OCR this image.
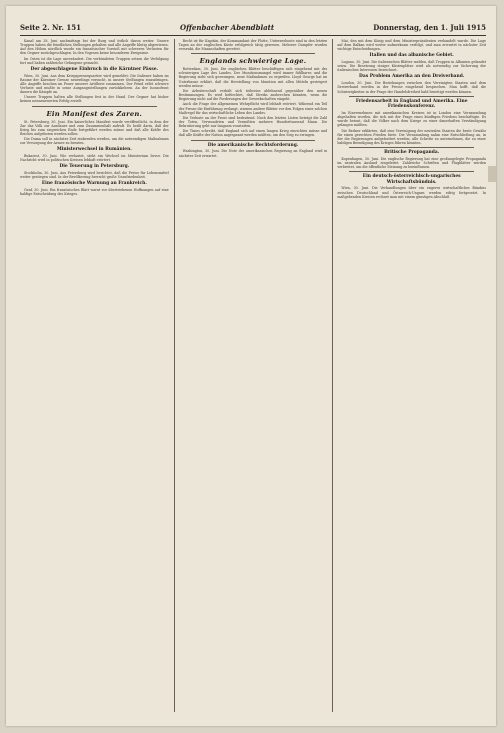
Seite 2. Nr. 151	Offenbacher Abendblatt	Donnerstag, den 1. Juli 1915

Kanal am 28. Juni nachmittags bei der Burg und östlich davon weiter. Unsere Truppen haben die feindlichen Stellungen gehalten und alle Angriffe blutig abgewiesen. Auf den Höhen nördlich wurde ein französischer Vorstoß mit schweren Verlusten für den Gegner zurückgeschlagen. In den Vogesen keine besonderen Ereignisse.

Im Osten ist die Lage unverändert. Die verbündeten Truppen setzen die Verfolgung fort und haben zahlreiche Gefangene gemacht.

Der abgeschlagene Einbruch in die Kärntner Pässe.

Wien, 30. Juni. Aus dem Kriegspressequartier wird gemeldet: Die Italiener haben im Raume der Kärntner Grenze neuerdings versucht, in unsere Stellungen einzudringen. Alle Angriffe brachen im Feuer unserer Artillerie zusammen. Der Feind erlitt schwere Verluste und mußte in seine Ausgangsstellungen zurückkehren. An der Isonzofront dauern die Kämpfe an.

Unsere Truppen halten alle Stellungen fest in der Hand. Der Gegner hat bisher keinen nennenswerten Erfolg erzielt.

Ein Manifest des Zaren.

St. Petersburg, 30. Juni. Ein kaiserliches Manifest wurde veröffentlicht, in dem der Zar das Volk zur Ausdauer und zum Zusammenhalt aufruft. Es heißt darin, daß der Krieg bis zum siegreichen Ende fortgeführt werden müsse und daß alle Kräfte des Reiches aufgeboten werden sollen.

Die Duma soll in nächster Zeit einberufen werden, um die notwendigen Maßnahmen zur Versorgung der Armee zu beraten.

Ministerwechsel in Rumänien.

Bukarest, 30. Juni. Wie verlautet, steht ein Wechsel im Ministerium bevor. Die Nachricht wird in politischen Kreisen lebhaft erörtert.

Die Teuerung in Petersburg.

Stockholm, 30. Juni. Aus Petersburg wird berichtet, daß die Preise für Lebensmittel weiter gestiegen sind. In der Bevölkerung herrscht große Unzufriedenheit.

Eine französische Warnung an Frankreich.

Genf, 30. Juni. Ein französisches Blatt warnt vor übertriebenen Hoffnungen auf eine baldige Entscheidung des Krieges.

Recht ist für Kapitän, der Kommandant der Flotte, Unterseeboote sind in den letzten Tagen an der englischen Küste erfolgreich tätig gewesen. Mehrere Dampfer wurden versenkt, die Mannschaften gerettet.

Englands schwierige Lage.

Rotterdam, 30. Juni. Die englischen Blätter beschäftigen sich eingehend mit der schwierigen Lage des Landes. Der Munitionsmangel wird immer fühlbarer, und die Regierung sieht sich gezwungen, neue Maßnahmen zu ergreifen. Lloyd George hat im Unterhause erklärt, daß die Herstellung von Munition mit allen Mitteln gesteigert werden müsse.

Die Arbeiterschaft verhält sich teilweise ablehnend gegenüber den neuen Bestimmungen. Es wird befürchtet, daß Streiks ausbrechen könnten, wenn die Regierung nicht auf die Forderungen der Gewerkschaften eingeht.

Auch die Frage der allgemeinen Wehrpflicht wird lebhaft erörtert. Während ein Teil der Presse die Einführung verlangt, warnen andere Blätter vor den Folgen einer solchen Maßregel für das wirtschaftliche Leben des Landes.

Die Verluste an der Front sind bedeutend. Nach den letzten Listen beträgt die Zahl der Toten, Verwundeten und Vermißten mehrere Hunderttausend Mann. Die Rekrutierung geht nur langsam vonstatten.

Die Times schreibt, daß England sich auf einen langen Krieg einrichten müsse und daß alle Kräfte der Nation angespannt werden müßten, um den Sieg zu erringen.

Die amerikanische Rechtsforderung.

Washington, 30. Juni. Die Note der amerikanischen Regierung an England wird in nächster Zeit erwartet.

Mai, den mit dem König und dem Ministerpräsidenten verhandelt wurde. Die Lage auf dem Balkan wird weiter aufmerksam verfolgt, und man erwartet in nächster Zeit wichtige Entscheidungen.

Italien und das albanische Gebiet.

Lugano, 30. Juni. Die italienischen Blätter melden, daß Truppen in Albanien gelandet seien. Die Besetzung einiger Küstenplätze wird als notwendig zur Sicherung der italienischen Interessen bezeichnet.

Das Problem Amerika an den Dreiverband.

London, 30. Juni. Die Beziehungen zwischen den Vereinigten Staaten und dem Dreiverband werden in der Presse eingehend besprochen. Man hofft, daß die Schwierigkeiten in der Frage der Handelsfreiheit bald beseitigt werden können.

Friedensarbeit in England und Amerika. Eine Friedenskonferenz.

Im Einvernehmen mit amerikanischen Kreisen ist in London eine Versammlung abgehalten worden, die sich mit der Frage eines künftigen Friedens beschäftigte. Es wurde betont, daß die Völker nach dem Kriege zu einer dauerhaften Verständigung gelangen müßten.

Die Redner erklärten, daß eine Vereinigung der neutralen Staaten die beste Gewähr für einen gerechten Frieden biete. Die Versammlung nahm eine Entschließung an, in der die Regierungen aufgefordert werden, alle Schritte zu unternehmen, die zu einer baldigen Beendigung des Krieges führen könnten.

Britische Propaganda.

Kopenhagen, 30. Juni. Die englische Regierung hat eine großangelegte Propaganda im neutralen Ausland eingeleitet. Zahlreiche Schriften und Flugblätter werden verbreitet, um die öffentliche Meinung zu beeinflussen.

Ein deutsch-österreichisch-ungarisches Wirtschaftsbündnis.

Wien, 30. Juni. Die Verhandlungen über ein engeres wirtschaftliches Bündnis zwischen Deutschland und Österreich-Ungarn werden eifrig fortgesetzt. In maßgebenden Kreisen rechnet man mit einem günstigen Abschluß.
